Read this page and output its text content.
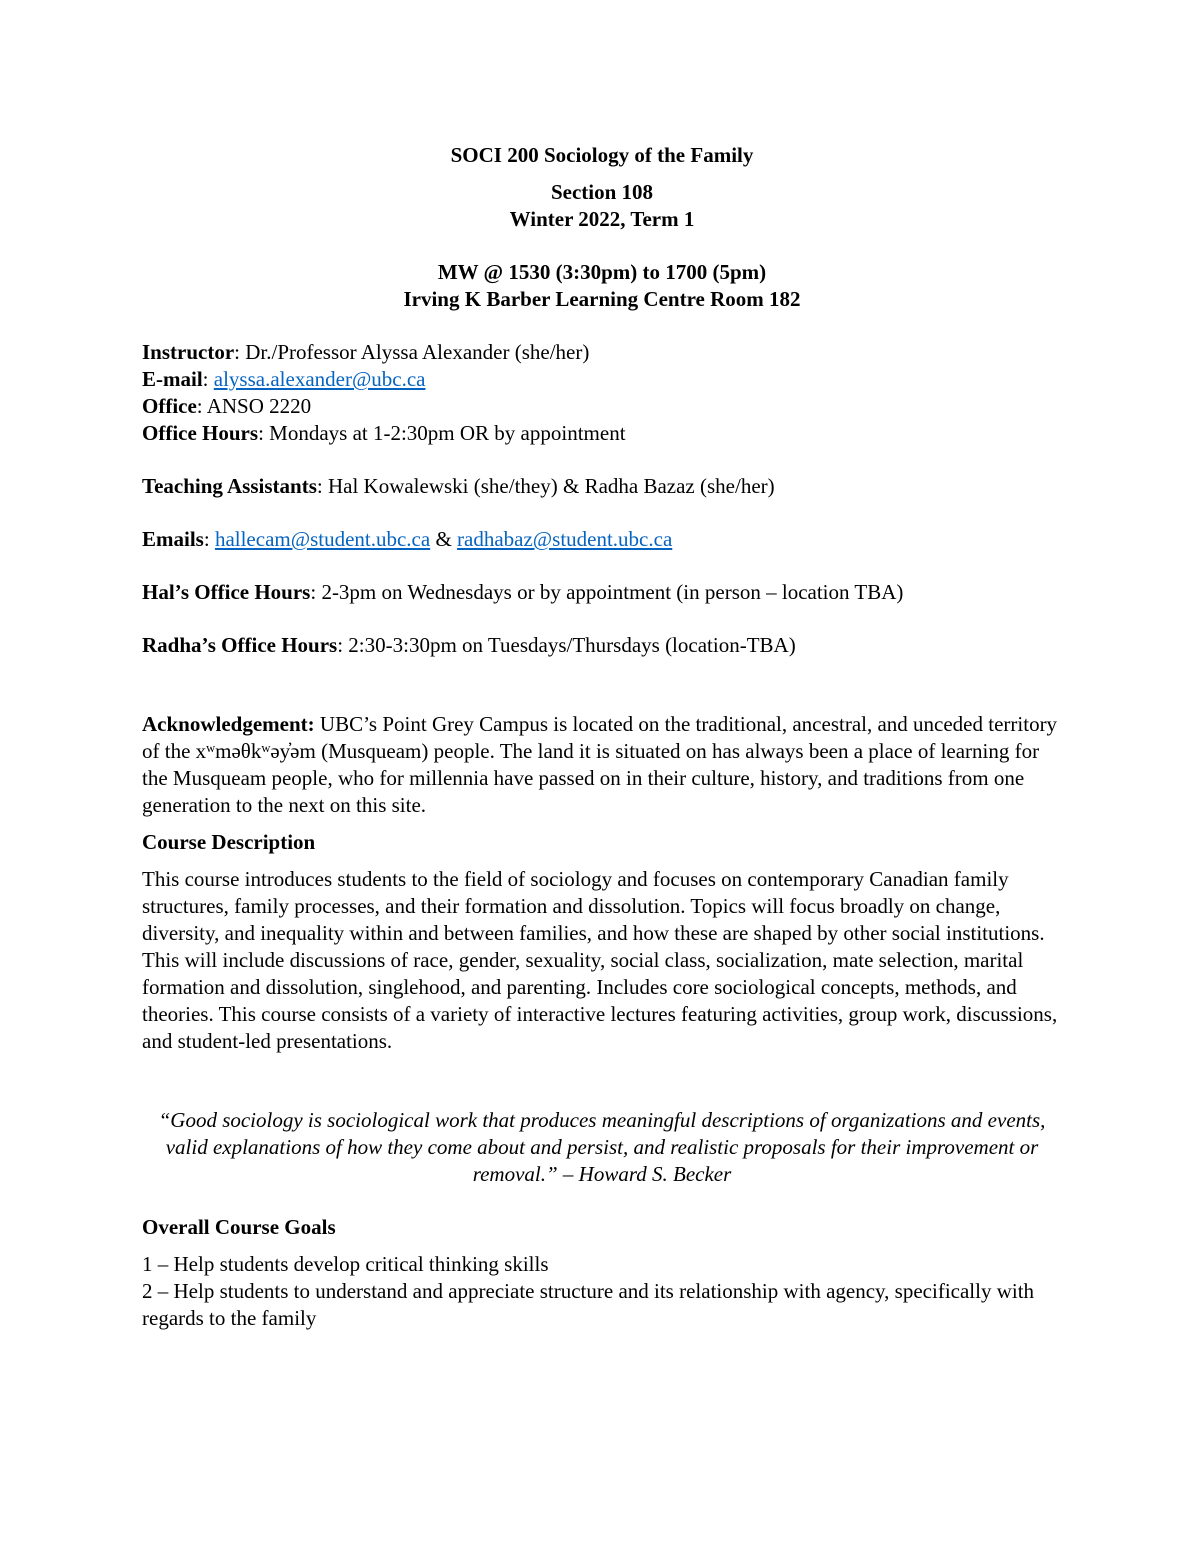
SOCI 200 Sociology of the Family

Section 108

Winter 2022, Term 1

MW @ 1530 (3:30pm) to 1700 (5pm)

Irving K Barber Learning Centre Room 182

Instructor: Dr./Professor Alyssa Alexander (she/her)

E-mail: alyssa.alexander@ubc.ca

Office: ANSO 2220

Office Hours: Mondays at 1-2:30pm OR by appointment

Teaching Assistants: Hal Kowalewski (she/they) & Radha Bazaz (she/her)

Emails: hallecam@student.ubc.ca & radhabaz@student.ubc.ca

Hal’s Office Hours: 2-3pm on Wednesdays or by appointment (in person – location TBA)

Radha’s Office Hours: 2:30-3:30pm on Tuesdays/Thursdays (location-TBA)

Acknowledgement: UBC’s Point Grey Campus is located on the traditional, ancestral, and unceded territory of the xʷməθkʷəy̓əm (Musqueam) people. The land it is situated on has always been a place of learning for the Musqueam people, who for millennia have passed on in their culture, history, and traditions from one generation to the next on this site.

Course Description

This course introduces students to the field of sociology and focuses on contemporary Canadian family structures, family processes, and their formation and dissolution. Topics will focus broadly on change, diversity, and inequality within and between families, and how these are shaped by other social institutions. This will include discussions of race, gender, sexuality, social class, socialization, mate selection, marital formation and dissolution, singlehood, and parenting. Includes core sociological concepts, methods, and theories. This course consists of a variety of interactive lectures featuring activities, group work, discussions, and student-led presentations.

“Good sociology is sociological work that produces meaningful descriptions of organizations and events, valid explanations of how they come about and persist, and realistic proposals for their improvement or removal.” – Howard S. Becker

Overall Course Goals

1 – Help students develop critical thinking skills

2 – Help students to understand and appreciate structure and its relationship with agency, specifically with regards to the family
